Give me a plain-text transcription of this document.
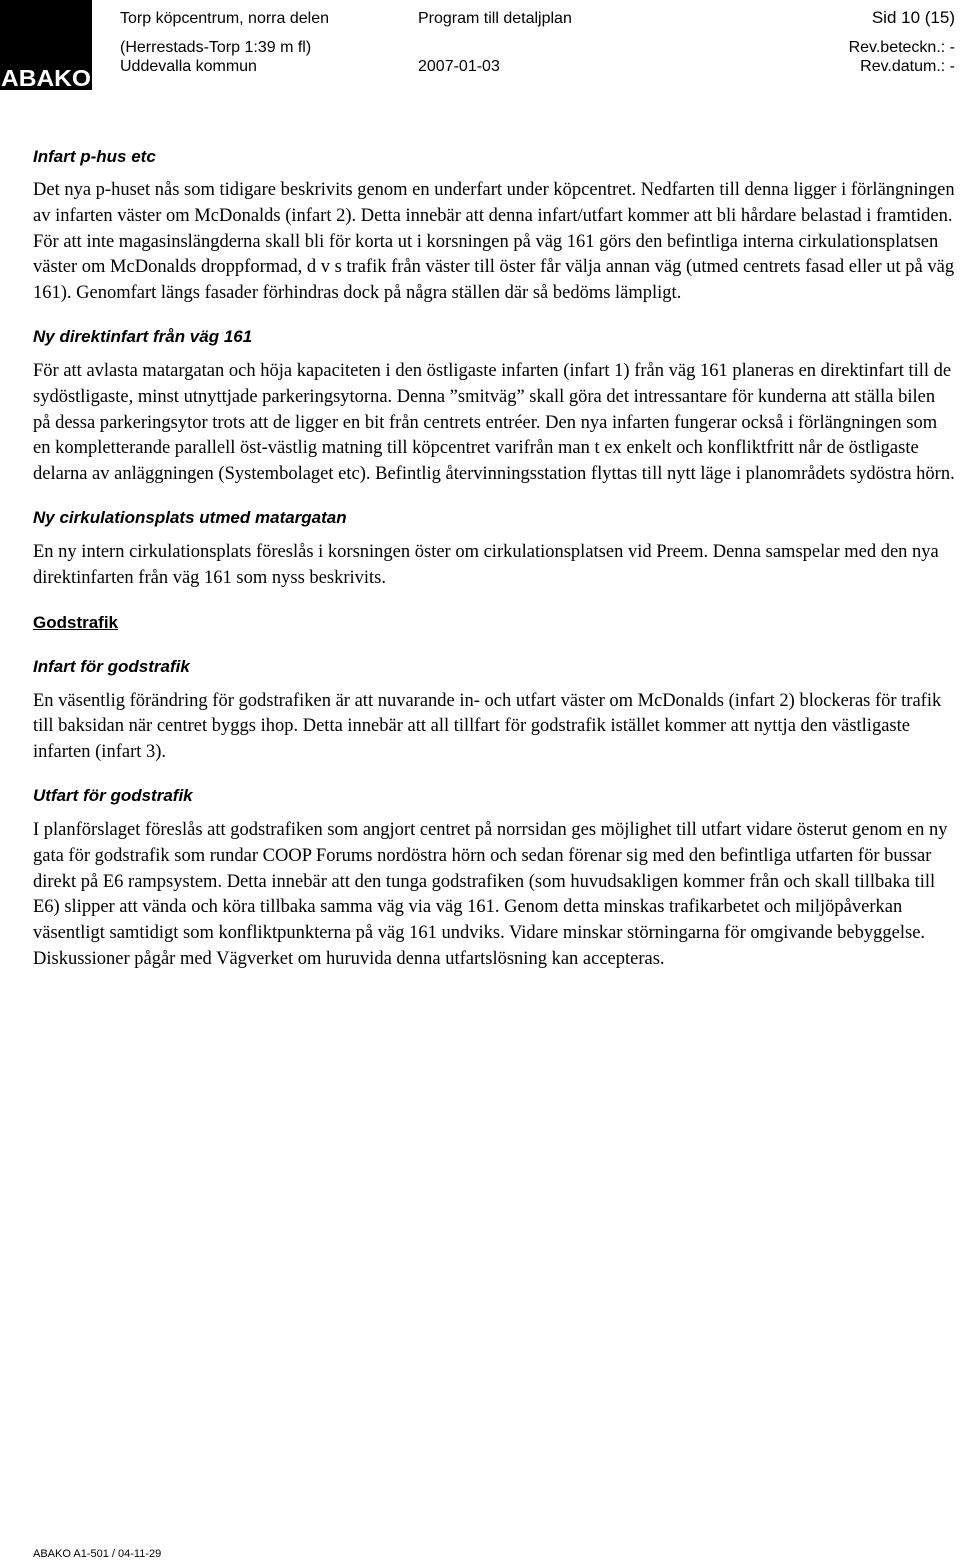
ABAKO
Torp köpcentrum, norra delen
(Herrestads-Torp 1:39 m fl)
Uddevalla kommun
Program till detaljplan
2007-01-03
Sid 10 (15)
Rev.beteckn.: -
Rev.datum.: -
Infart p-hus etc

Det nya p-huset nås som tidigare beskrivits genom en underfart under köpcentret. Nedfarten till denna ligger i förlängningen av infarten väster om McDonalds (infart 2). Detta innebär att denna infart/utfart kommer att bli hårdare belastad i framtiden. För att inte magasinslängderna skall bli för korta ut i korsningen på väg 161 görs den befintliga interna cirkulationsplatsen väster om McDonalds droppformad, d v s trafik från väster till öster får välja annan väg (utmed centrets fasad eller ut på väg 161). Genomfart längs fasader förhindras dock på några ställen där så bedöms lämpligt.

Ny direktinfart från väg 161

För att avlasta matargatan och höja kapaciteten i den östligaste infarten (infart 1) från väg 161 planeras en direktinfart till de sydöstligaste, minst utnyttjade parkeringsytorna. Denna ”smitväg” skall göra det intressantare för kunderna att ställa bilen på dessa parkeringsytor trots att de ligger en bit från centrets entréer. Den nya infarten fungerar också i förlängningen som en kompletterande parallell öst-västlig matning till köpcentret varifrån man t ex enkelt och konfliktfritt når de östligaste delarna av anläggningen (Systembolaget etc). Befintlig återvinningsstation flyttas till nytt läge i planområdets sydöstra hörn.

Ny cirkulationsplats utmed matargatan

En ny intern cirkulationsplats föreslås i korsningen öster om cirkulationsplatsen vid Preem. Denna samspelar med den nya direktinfarten från väg 161 som nyss beskrivits.

Godstrafik
Infart för godstrafik

En väsentlig förändring för godstrafiken är att nuvarande in- och utfart väster om McDonalds (infart 2) blockeras för trafik till baksidan när centret byggs ihop. Detta innebär att all tillfart för godstrafik istället kommer att nyttja den västligaste infarten (infart 3).

Utfart för godstrafik

I planförslaget föreslås att godstrafiken som angjort centret på norrsidan ges möjlighet till utfart vidare österut genom en ny gata för godstrafik som rundar COOP Forums nordöstra hörn och sedan förenar sig med den befintliga utfarten för bussar direkt på E6 rampsystem. Detta innebär att den tunga godstrafiken (som huvudsakligen kommer från och skall tillbaka till E6) slipper att vända och köra tillbaka samma väg via väg 161. Genom detta minskas trafikarbetet och miljöpåverkan väsentligt samtidigt som konfliktpunkterna på väg 161 undviks. Vidare minskar störningarna för omgivande bebyggelse. Diskussioner pågår med Vägverket om huruvida denna utfartslösning kan accepteras.

ABAKO A1-501 / 04-11-29
